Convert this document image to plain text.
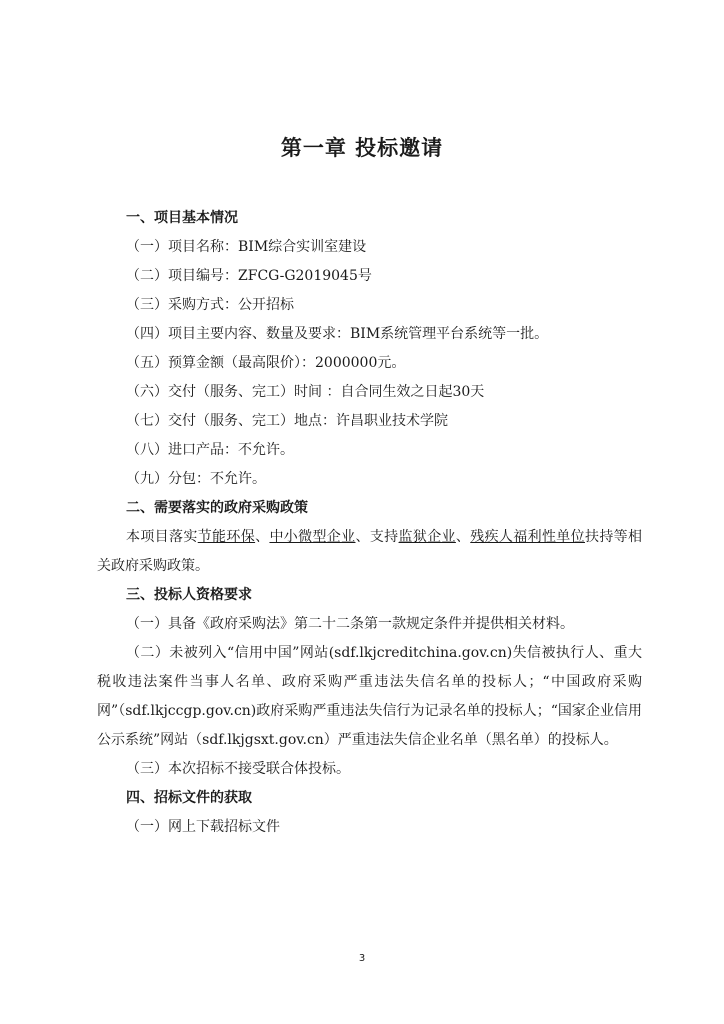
第一章 投标邀请

一、项目基本情况

（一）项目名称：BIM综合实训室建设

（二）项目编号：ZFCG-G2019045号

（三）采购方式：公开招标

（四）项目主要内容、数量及要求：BIM系统管理平台系统等一批。

（五）预算金额（最高限价）：2000000元。

（六）交付（服务、完工）时间 ：自合同生效之日起30天

（七）交付（服务、完工）地点：许昌职业技术学院

（八）进口产品：不允许。

（九）分包：不允许。

二、需要落实的政府采购政策

本项目落实节能环保、中小微型企业、支持监狱企业、残疾人福利性单位扶持等相关政府采购政策。

三、投标人资格要求

（一）具备《政府采购法》第二十二条第一款规定条件并提供相关材料。

（二）未被列入“信用中国”网站(sdf.lkjcreditchina.gov.cn)失信被执行人、重大税收违法案件当事人名单、政府采购严重违法失信名单的投标人；“中国政府采购网”（sdf.lkjccgp.gov.cn)政府采购严重违法失信行为记录名单的投标人；“国家企业信用公示系统”网站（sdf.lkjgsxt.gov.cn）严重违法失信企业名单（黑名单）的投标人。

（三）本次招标不接受联合体投标。

四、招标文件的获取

（一）网上下载招标文件

3
